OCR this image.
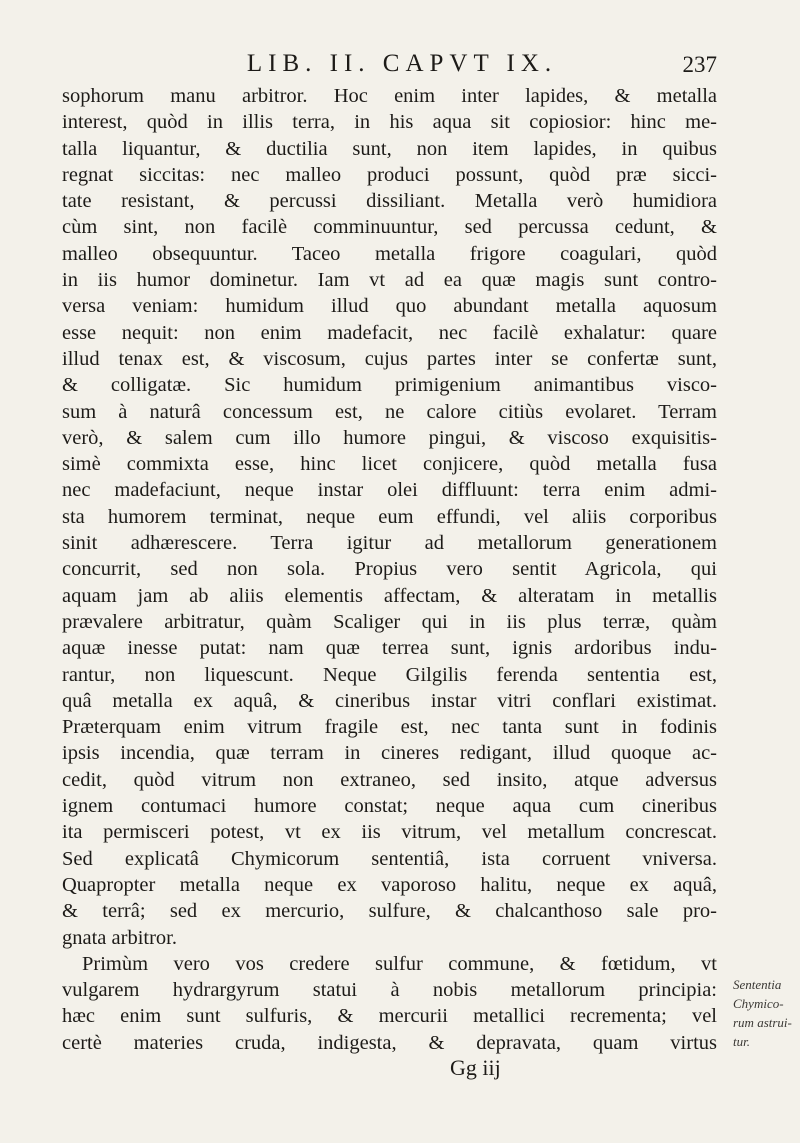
LIB. II. CAPVT IX.	237
sophorum manu arbitror. Hoc enim inter lapides, & metalla
interest, quòd in illis terra, in his aqua sit copiosior: hinc me-
talla liquantur, & ductilia sunt, non item lapides, in quibus
regnat siccitas: nec malleo produci possunt, quòd præ sicci-
tate resistant, & percussi dissiliant. Metalla verò humidiora
cùm sint, non facilè comminuuntur, sed percussa cedunt, &
malleo obsequuntur. Taceo metalla frigore coagulari, quòd
in iis humor dominetur. Iam vt ad ea quæ magis sunt contro-
versa veniam: humidum illud quo abundant metalla aquosum
esse nequit: non enim madefacit, nec facilè exhalatur: quare
illud tenax est, & viscosum, cujus partes inter se confertæ sunt,
& colligatæ. Sic humidum primigenium animantibus visco-
sum à naturâ concessum est, ne calore citiùs evolaret. Terram
verò, & salem cum illo humore pingui, & viscoso exquisitis-
simè commixta esse, hinc licet conjicere, quòd metalla fusa
nec madefaciunt, neque instar olei diffluunt: terra enim admi-
sta humorem terminat, neque eum effundi, vel aliis corporibus
sinit adhærescere. Terra igitur ad metallorum generationem
concurrit, sed non sola. Propius vero sentit Agricola, qui
aquam jam ab aliis elementis affectam, & alteratam in metallis
prævalere arbitratur, quàm Scaliger qui in iis plus terræ, quàm
aquæ inesse putat: nam quæ terrea sunt, ignis ardoribus indu-
rantur, non liquescunt. Neque Gilgilis ferenda sententia est,
quâ metalla ex aquâ, & cineribus instar vitri conflari existimat.
Præterquam enim vitrum fragile est, nec tanta sunt in fodinis
ipsis incendia, quæ terram in cineres redigant, illud quoque ac-
cedit, quòd vitrum non extraneo, sed insito, atque adversus
ignem contumaci humore constat; neque aqua cum cineribus
ita permisceri potest, vt ex iis vitrum, vel metallum concrescat.
Sed explicatâ Chymicorum sententiâ, ista corruent vniversa.
Quapropter metalla neque ex vaporoso halitu, neque ex aquâ,
& terrâ; sed ex mercurio, sulfure, & chalcanthoso sale pro-
gnata arbitror.
Primùm vero vos credere sulfur commune, & fœtidum, vt
vulgarem hydrargyrum statui à nobis metallorum principia:
hæc enim sunt sulfuris, & mercurii metallici recrementa; vel
certè materies cruda, indigesta, & depravata, quam virtus
Sententia
Chymico-
rum astrui-
tur.
Gg iij
